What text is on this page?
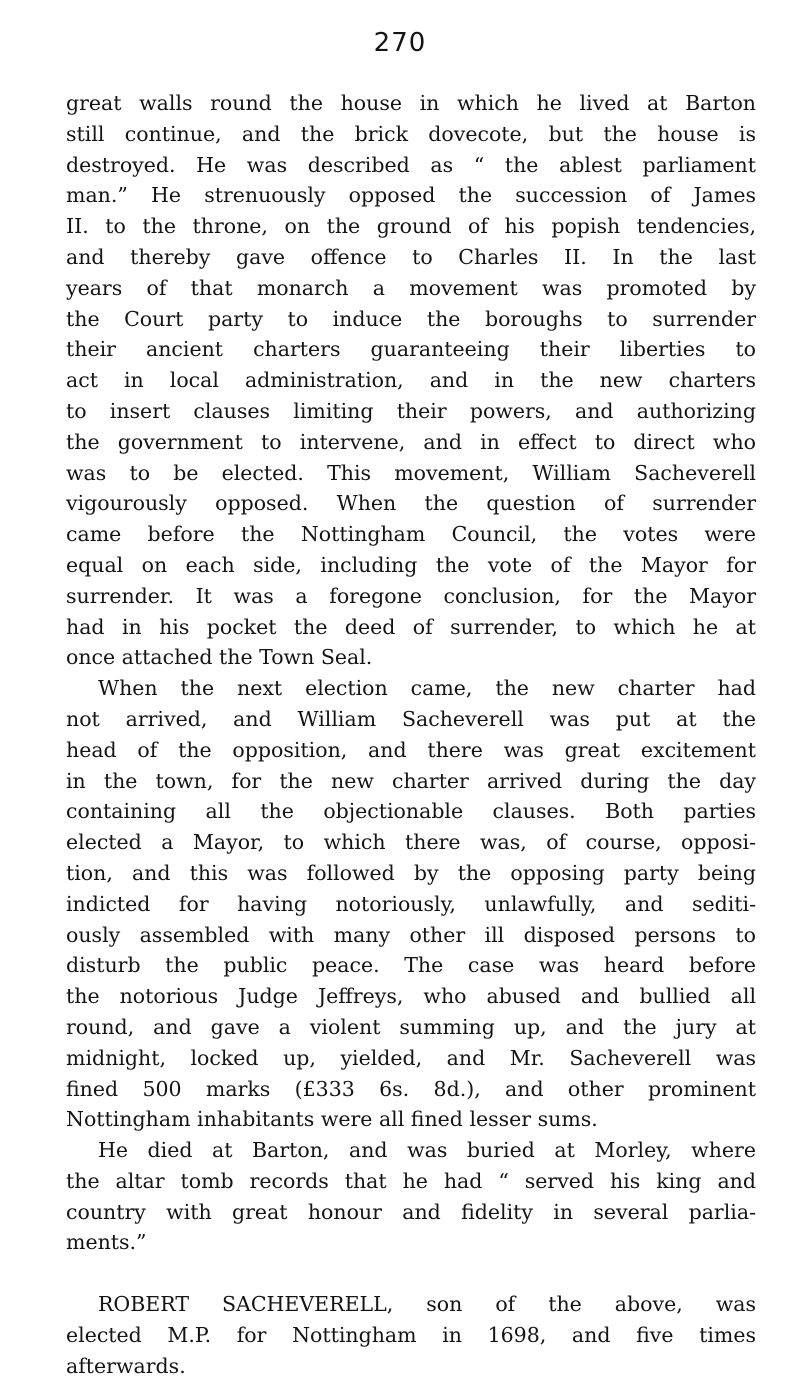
270
great walls round the house in which he lived at Barton
still continue, and the brick dovecote, but the house is
destroyed. He was described as “ the ablest parliament
man.” He strenuously opposed the succession of James
II. to the throne, on the ground of his popish tendencies,
and thereby gave offence to Charles II. In the last
years of that monarch a movement was promoted by
the Court party to induce the boroughs to surrender
their ancient charters guaranteeing their liberties to
act in local administration, and in the new charters
to insert clauses limiting their powers, and authorizing
the government to intervene, and in effect to direct who
was to be elected. This movement, William Sacheverell
vigourously opposed. When the question of surrender
came before the Nottingham Council, the votes were
equal on each side, including the vote of the Mayor for
surrender. It was a foregone conclusion, for the Mayor
had in his pocket the deed of surrender, to which he at
once attached the Town Seal.
When the next election came, the new charter had
not arrived, and William Sacheverell was put at the
head of the opposition, and there was great excitement
in the town, for the new charter arrived during the day
containing all the objectionable clauses. Both parties
elected a Mayor, to which there was, of course, opposi-
tion, and this was followed by the opposing party being
indicted for having notoriously, unlawfully, and sediti-
ously assembled with many other ill disposed persons to
disturb the public peace. The case was heard before
the notorious Judge Jeffreys, who abused and bullied all
round, and gave a violent summing up, and the jury at
midnight, locked up, yielded, and Mr. Sacheverell was
fined 500 marks (£333 6s. 8d.), and other prominent
Nottingham inhabitants were all fined lesser sums.
He died at Barton, and was buried at Morley, where
the altar tomb records that he had “ served his king and
country with great honour and fidelity in several parlia-
ments.”
ROBERT SACHEVERELL, son of the above, was
elected M.P. for Nottingham in 1698, and five times
afterwards.
